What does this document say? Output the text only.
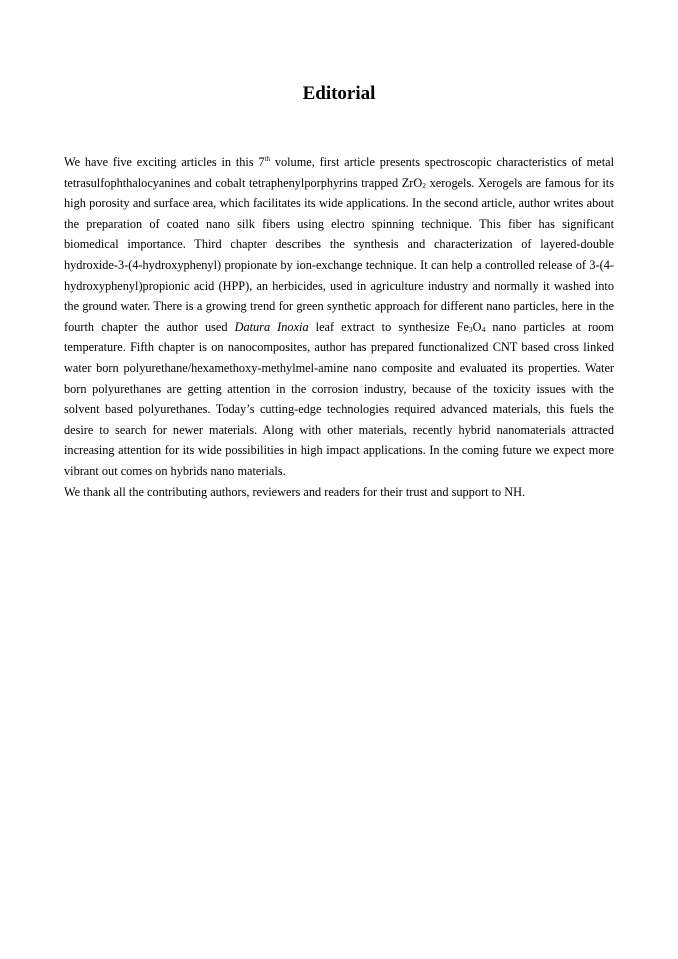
Editorial

We have five exciting articles in this 7th volume, first article presents spectroscopic characteristics of metal tetrasulfophthalocyanines and cobalt tetraphenylporphyrins trapped ZrO$_2$ xerogels. Xerogels are famous for its high porosity and surface area, which facilitates its wide applications. In the second article, author writes about the preparation of coated nano silk fibers using electro spinning technique. This fiber has significant biomedical importance. Third chapter describes the synthesis and characterization of layered-double hydroxide-3-(4-hydroxyphenyl) propionate by ion-exchange technique. It can help a controlled release of 3-(4-hydroxyphenyl)propionic acid (HPP), an herbicides, used in agriculture industry and normally it washed into the ground water. There is a growing trend for green synthetic approach for different nano particles, here in the fourth chapter the author used Datura Inoxia leaf extract to synthesize $Fe_3O_4$ nano particles at room temperature. Fifth chapter is on nanocomposites, author has prepared functionalized CNT based cross linked water born polyurethane/hexamethoxy-methylmel-amine nano composite and evaluated its properties. Water born polyurethanes are getting attention in the corrosion industry, because of the toxicity issues with the solvent based polyurethanes. Today’s cutting-edge technologies required advanced materials, this fuels the desire to search for newer materials. Along with other materials, recently hybrid nanomaterials attracted increasing attention for its wide possibilities in high impact applications. In the coming future we expect more vibrant out comes on hybrids nano materials.

We thank all the contributing authors, reviewers and readers for their trust and support to NH.
